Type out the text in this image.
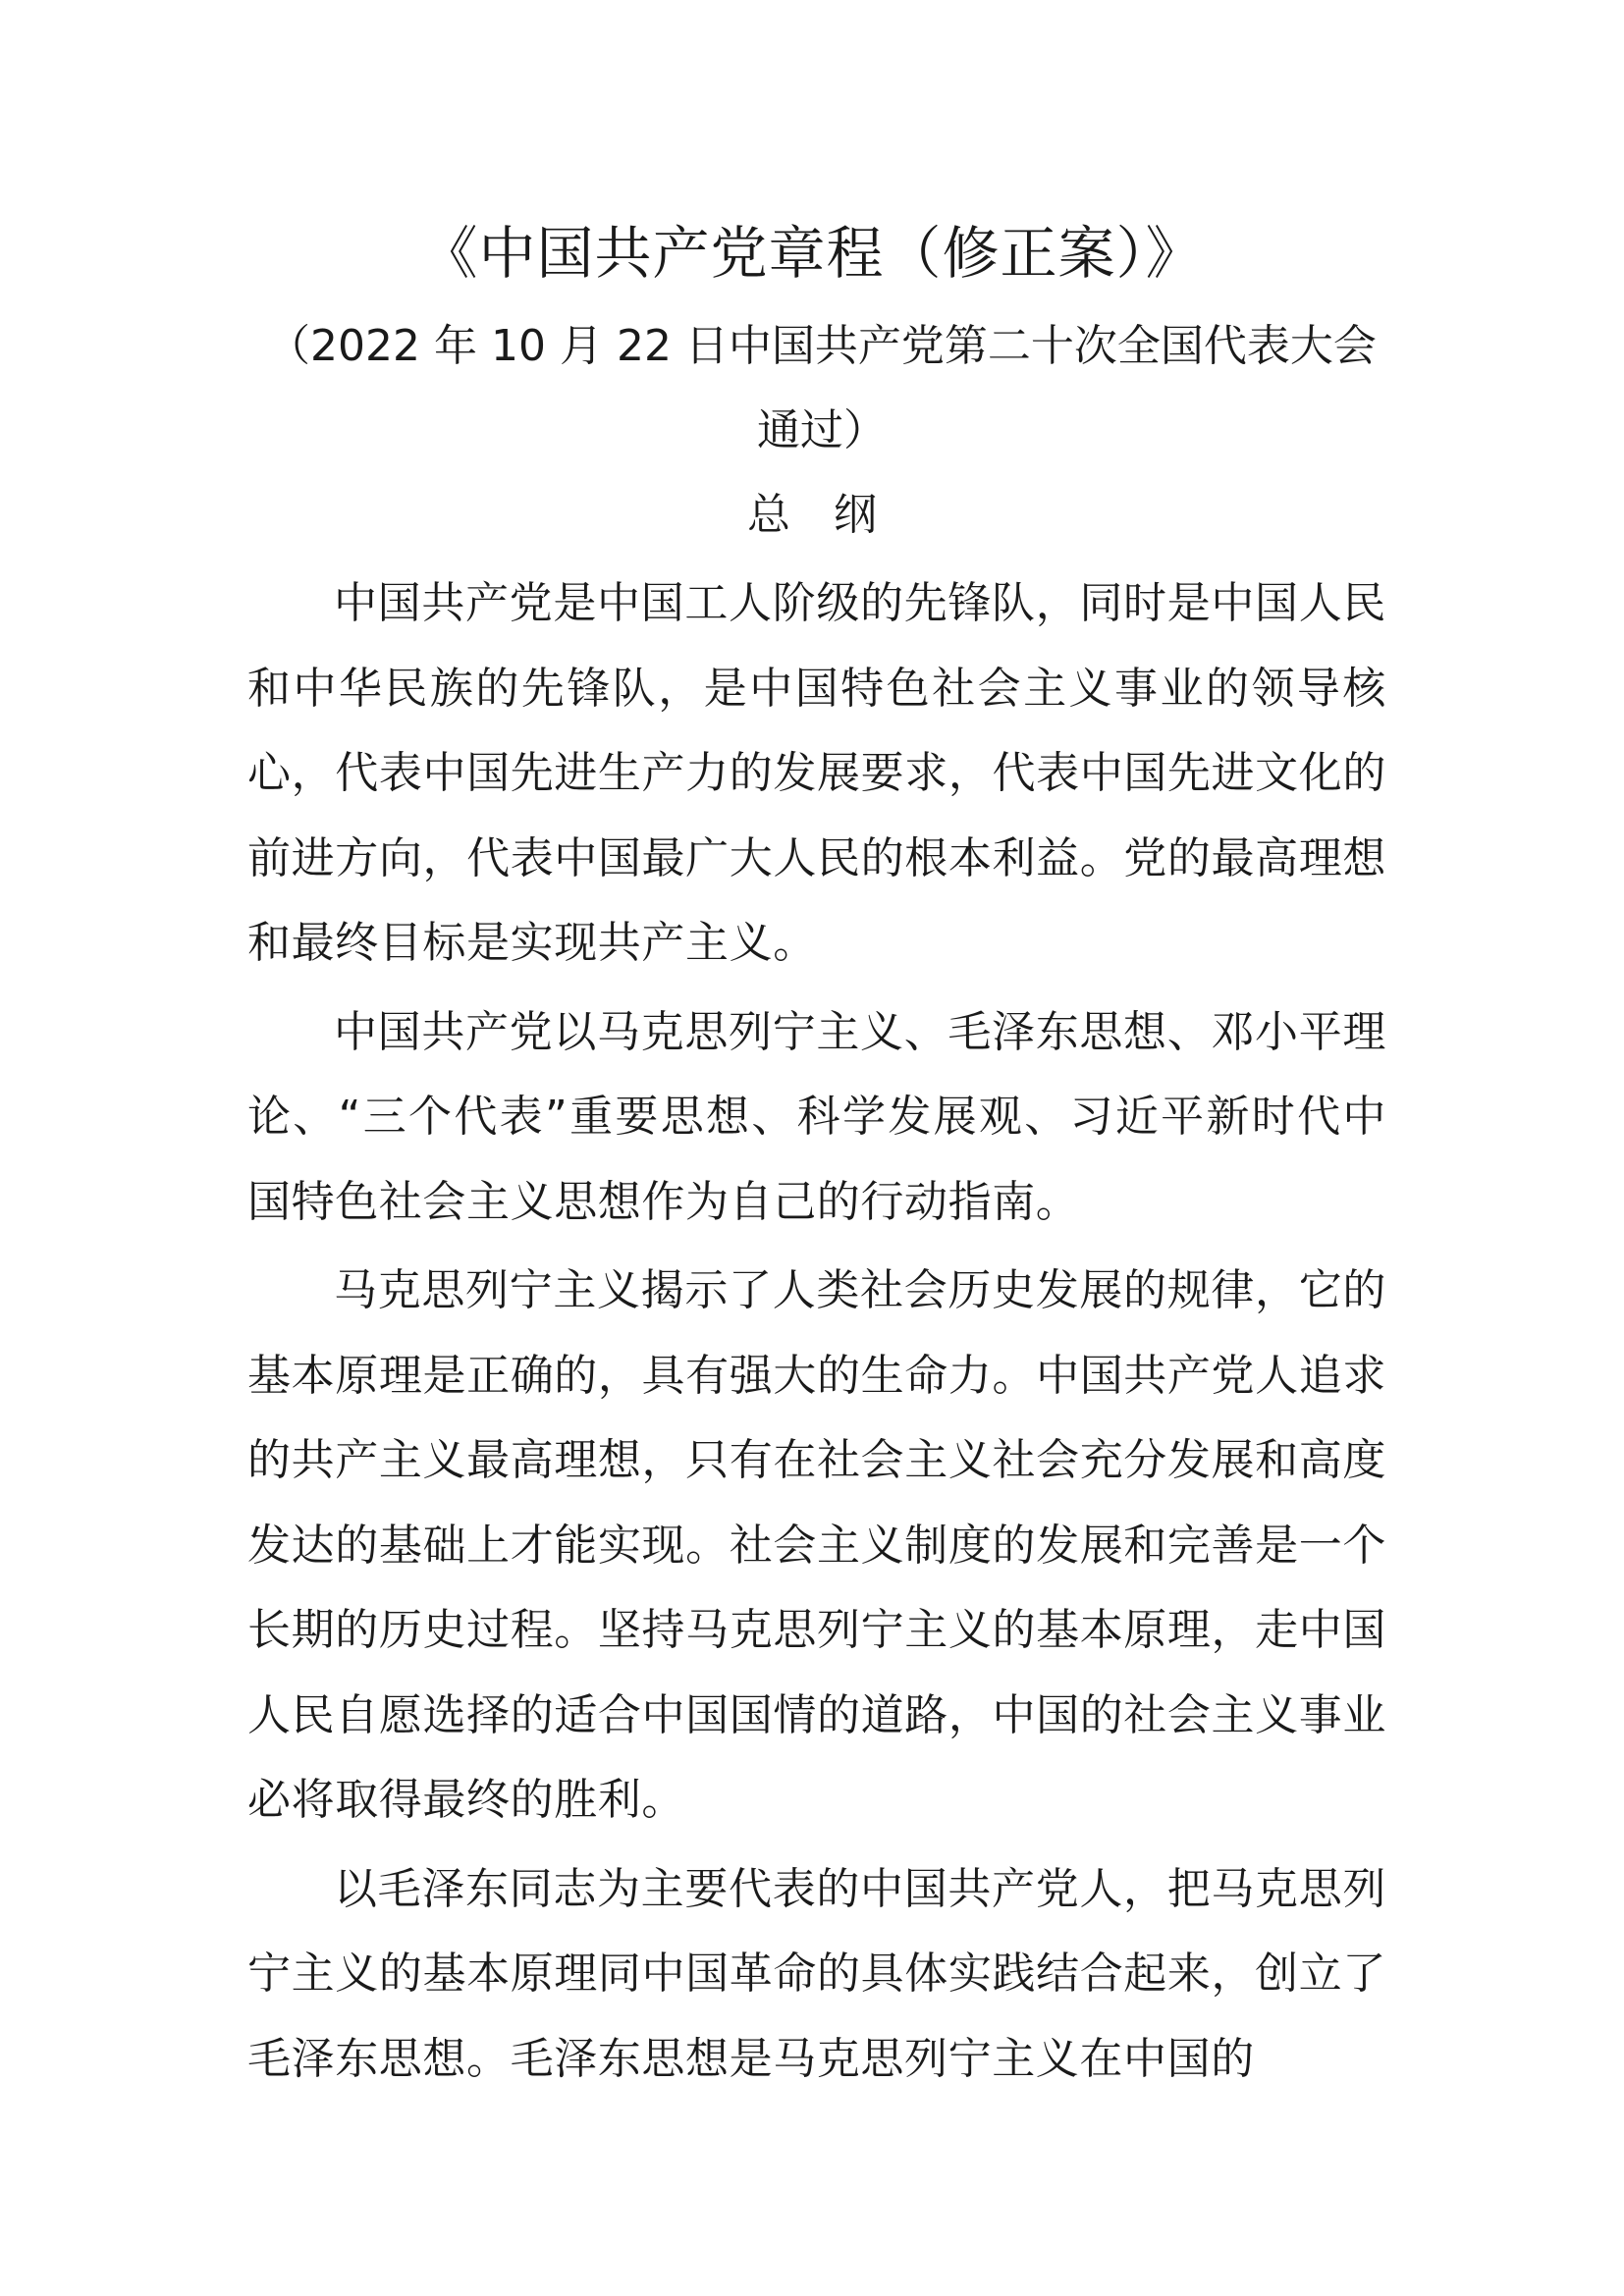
《中国共产党章程（修正案）》
（2022 年 10 月 22 日中国共产党第二十次全国代表大会通过）
总　纲

中国共产党是中国工人阶级的先锋队，同时是中国人民和中华民族的先锋队，是中国特色社会主义事业的领导核心，代表中国先进生产力的发展要求，代表中国先进文化的前进方向，代表中国最广大人民的根本利益。党的最高理想和最终目标是实现共产主义。

中国共产党以马克思列宁主义、毛泽东思想、邓小平理论、“三个代表”重要思想、科学发展观、习近平新时代中国特色社会主义思想作为自己的行动指南。

马克思列宁主义揭示了人类社会历史发展的规律，它的基本原理是正确的，具有强大的生命力。中国共产党人追求的共产主义最高理想，只有在社会主义社会充分发展和高度发达的基础上才能实现。社会主义制度的发展和完善是一个长期的历史过程。坚持马克思列宁主义的基本原理，走中国人民自愿选择的适合中国国情的道路，中国的社会主义事业必将取得最终的胜利。

以毛泽东同志为主要代表的中国共产党人，把马克思列宁主义的基本原理同中国革命的具体实践结合起来，创立了毛泽东思想。毛泽东思想是马克思列宁主义在中国的
